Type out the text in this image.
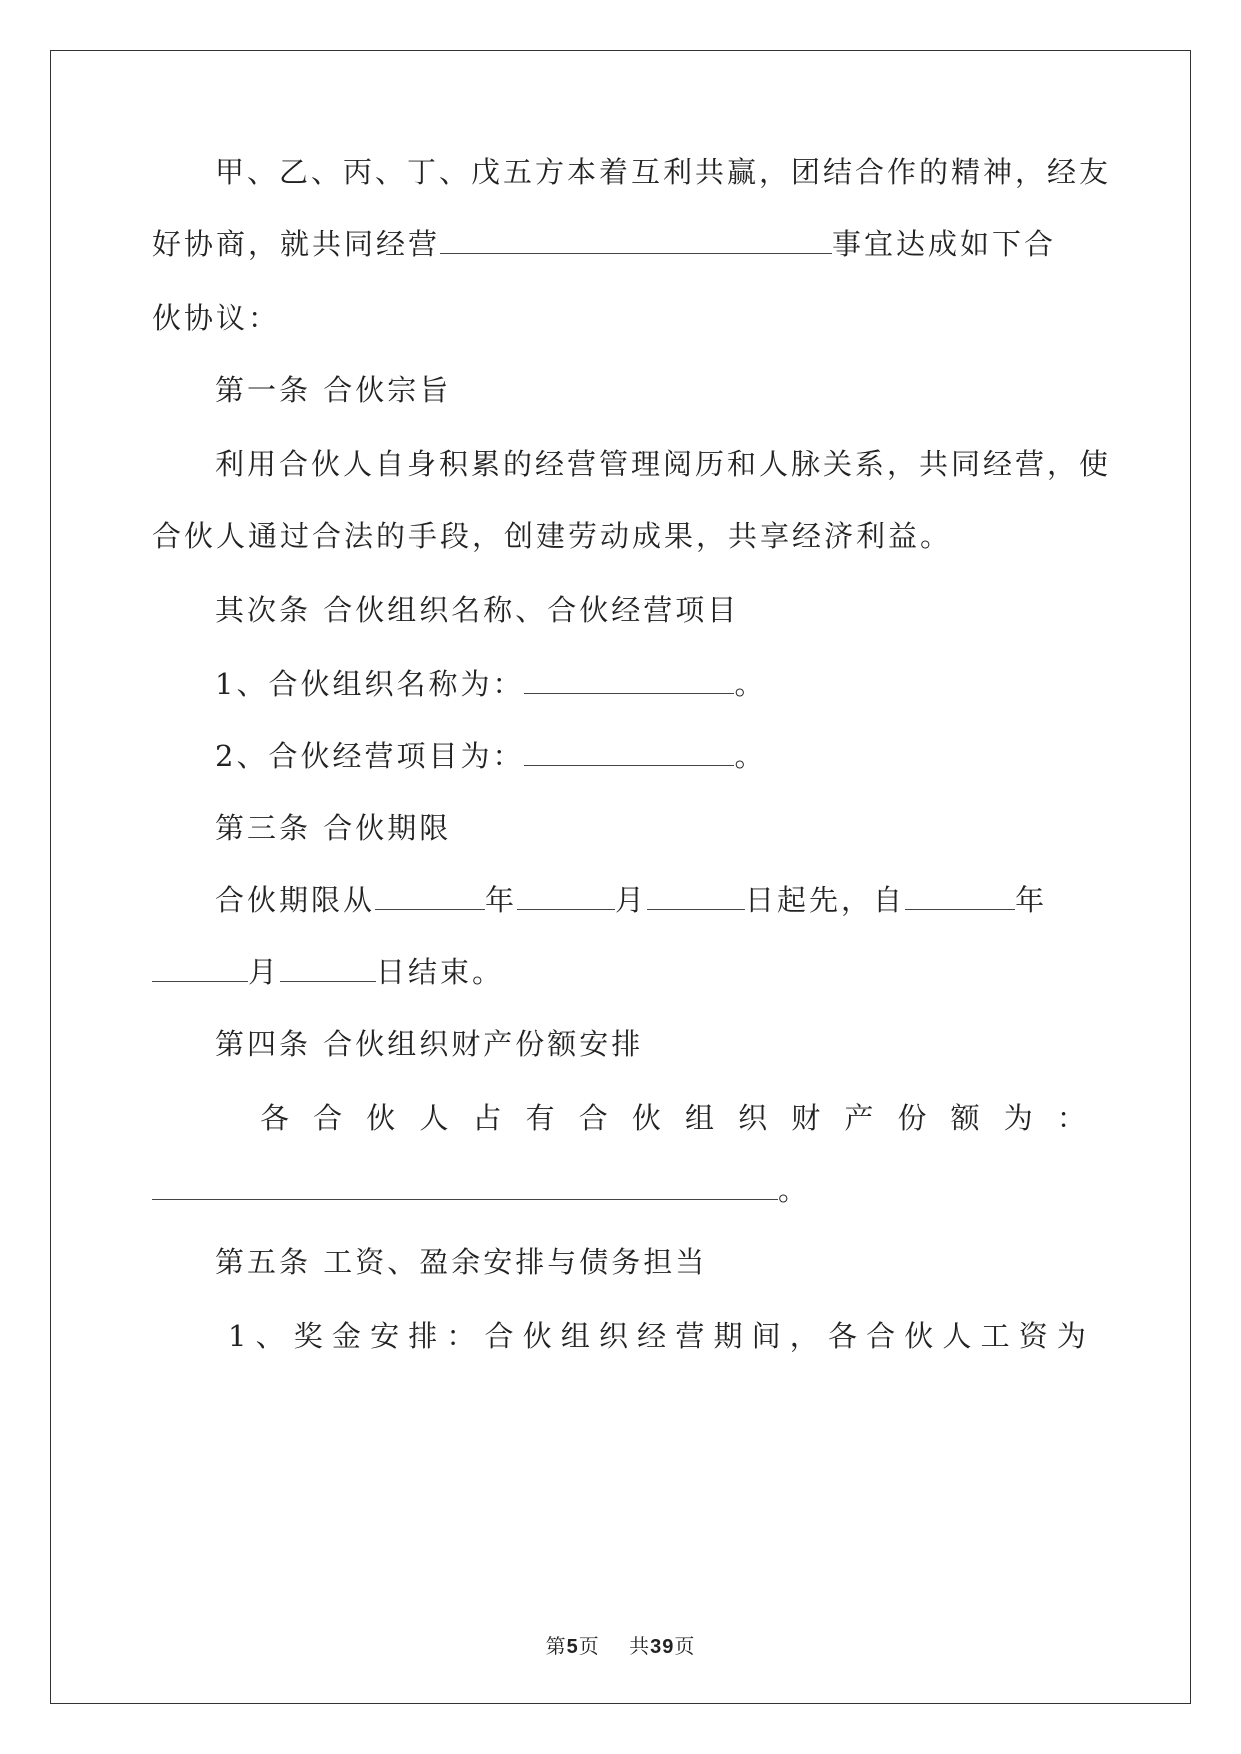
甲、乙、丙、丁、戊五方本着互利共赢，团结合作的精神，经友
好协商，就共同经营	事宜达成如下合
伙协议：
第一条 合伙宗旨
利用合伙人自身积累的经营管理阅历和人脉关系，共同经营，使
合伙人通过合法的手段，创建劳动成果，共享经济利益。
其次条 合伙组织名称、合伙经营项目
1、合伙组织名称为：	。
2、合伙经营项目为：	。
第三条 合伙期限
合伙期限从	年	月	日起先，自	年
月	日结束。
第四条 合伙组织财产份额安排
各 合 伙 人 占 有 合 伙 组 织 财 产 份 额 为 ：
。
第五条 工资、盈余安排与债务担当
1 、 奖 金 安 排 ： 合 伙 组 织 经 营 期 间 ， 各 合 伙 人 工 资 为
第5页    共39页
